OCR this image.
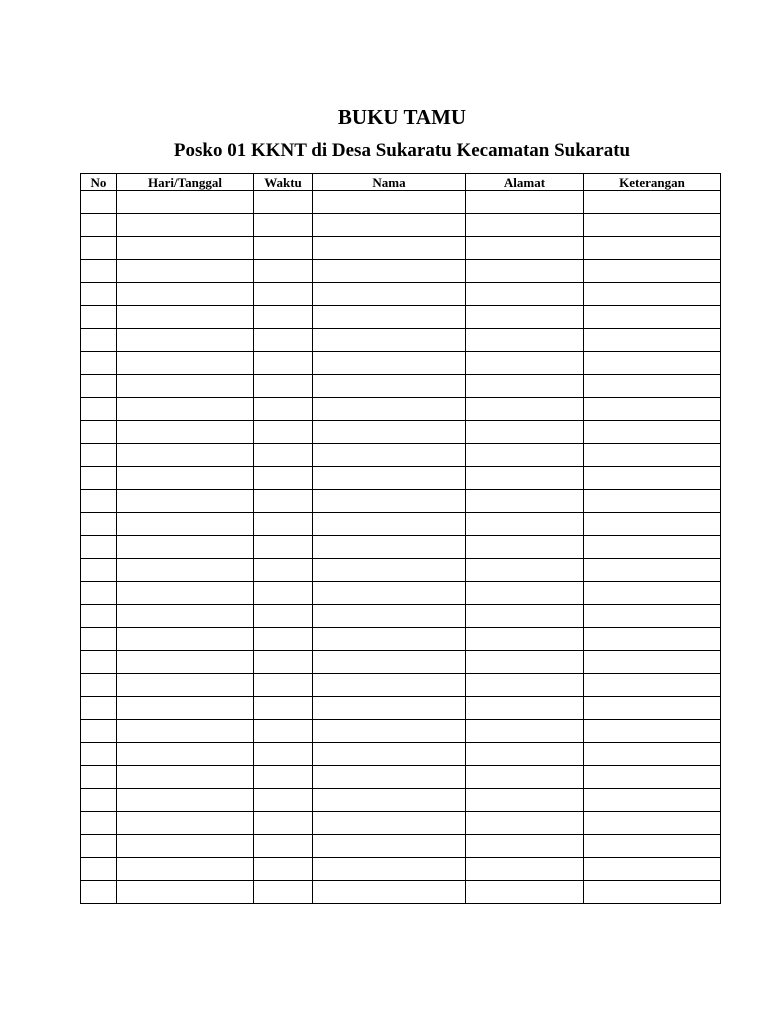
BUKU TAMU
Posko 01 KKNT di Desa Sukaratu Kecamatan Sukaratu
No	Hari/Tanggal	Waktu	Nama	Alamat	Keterangan
